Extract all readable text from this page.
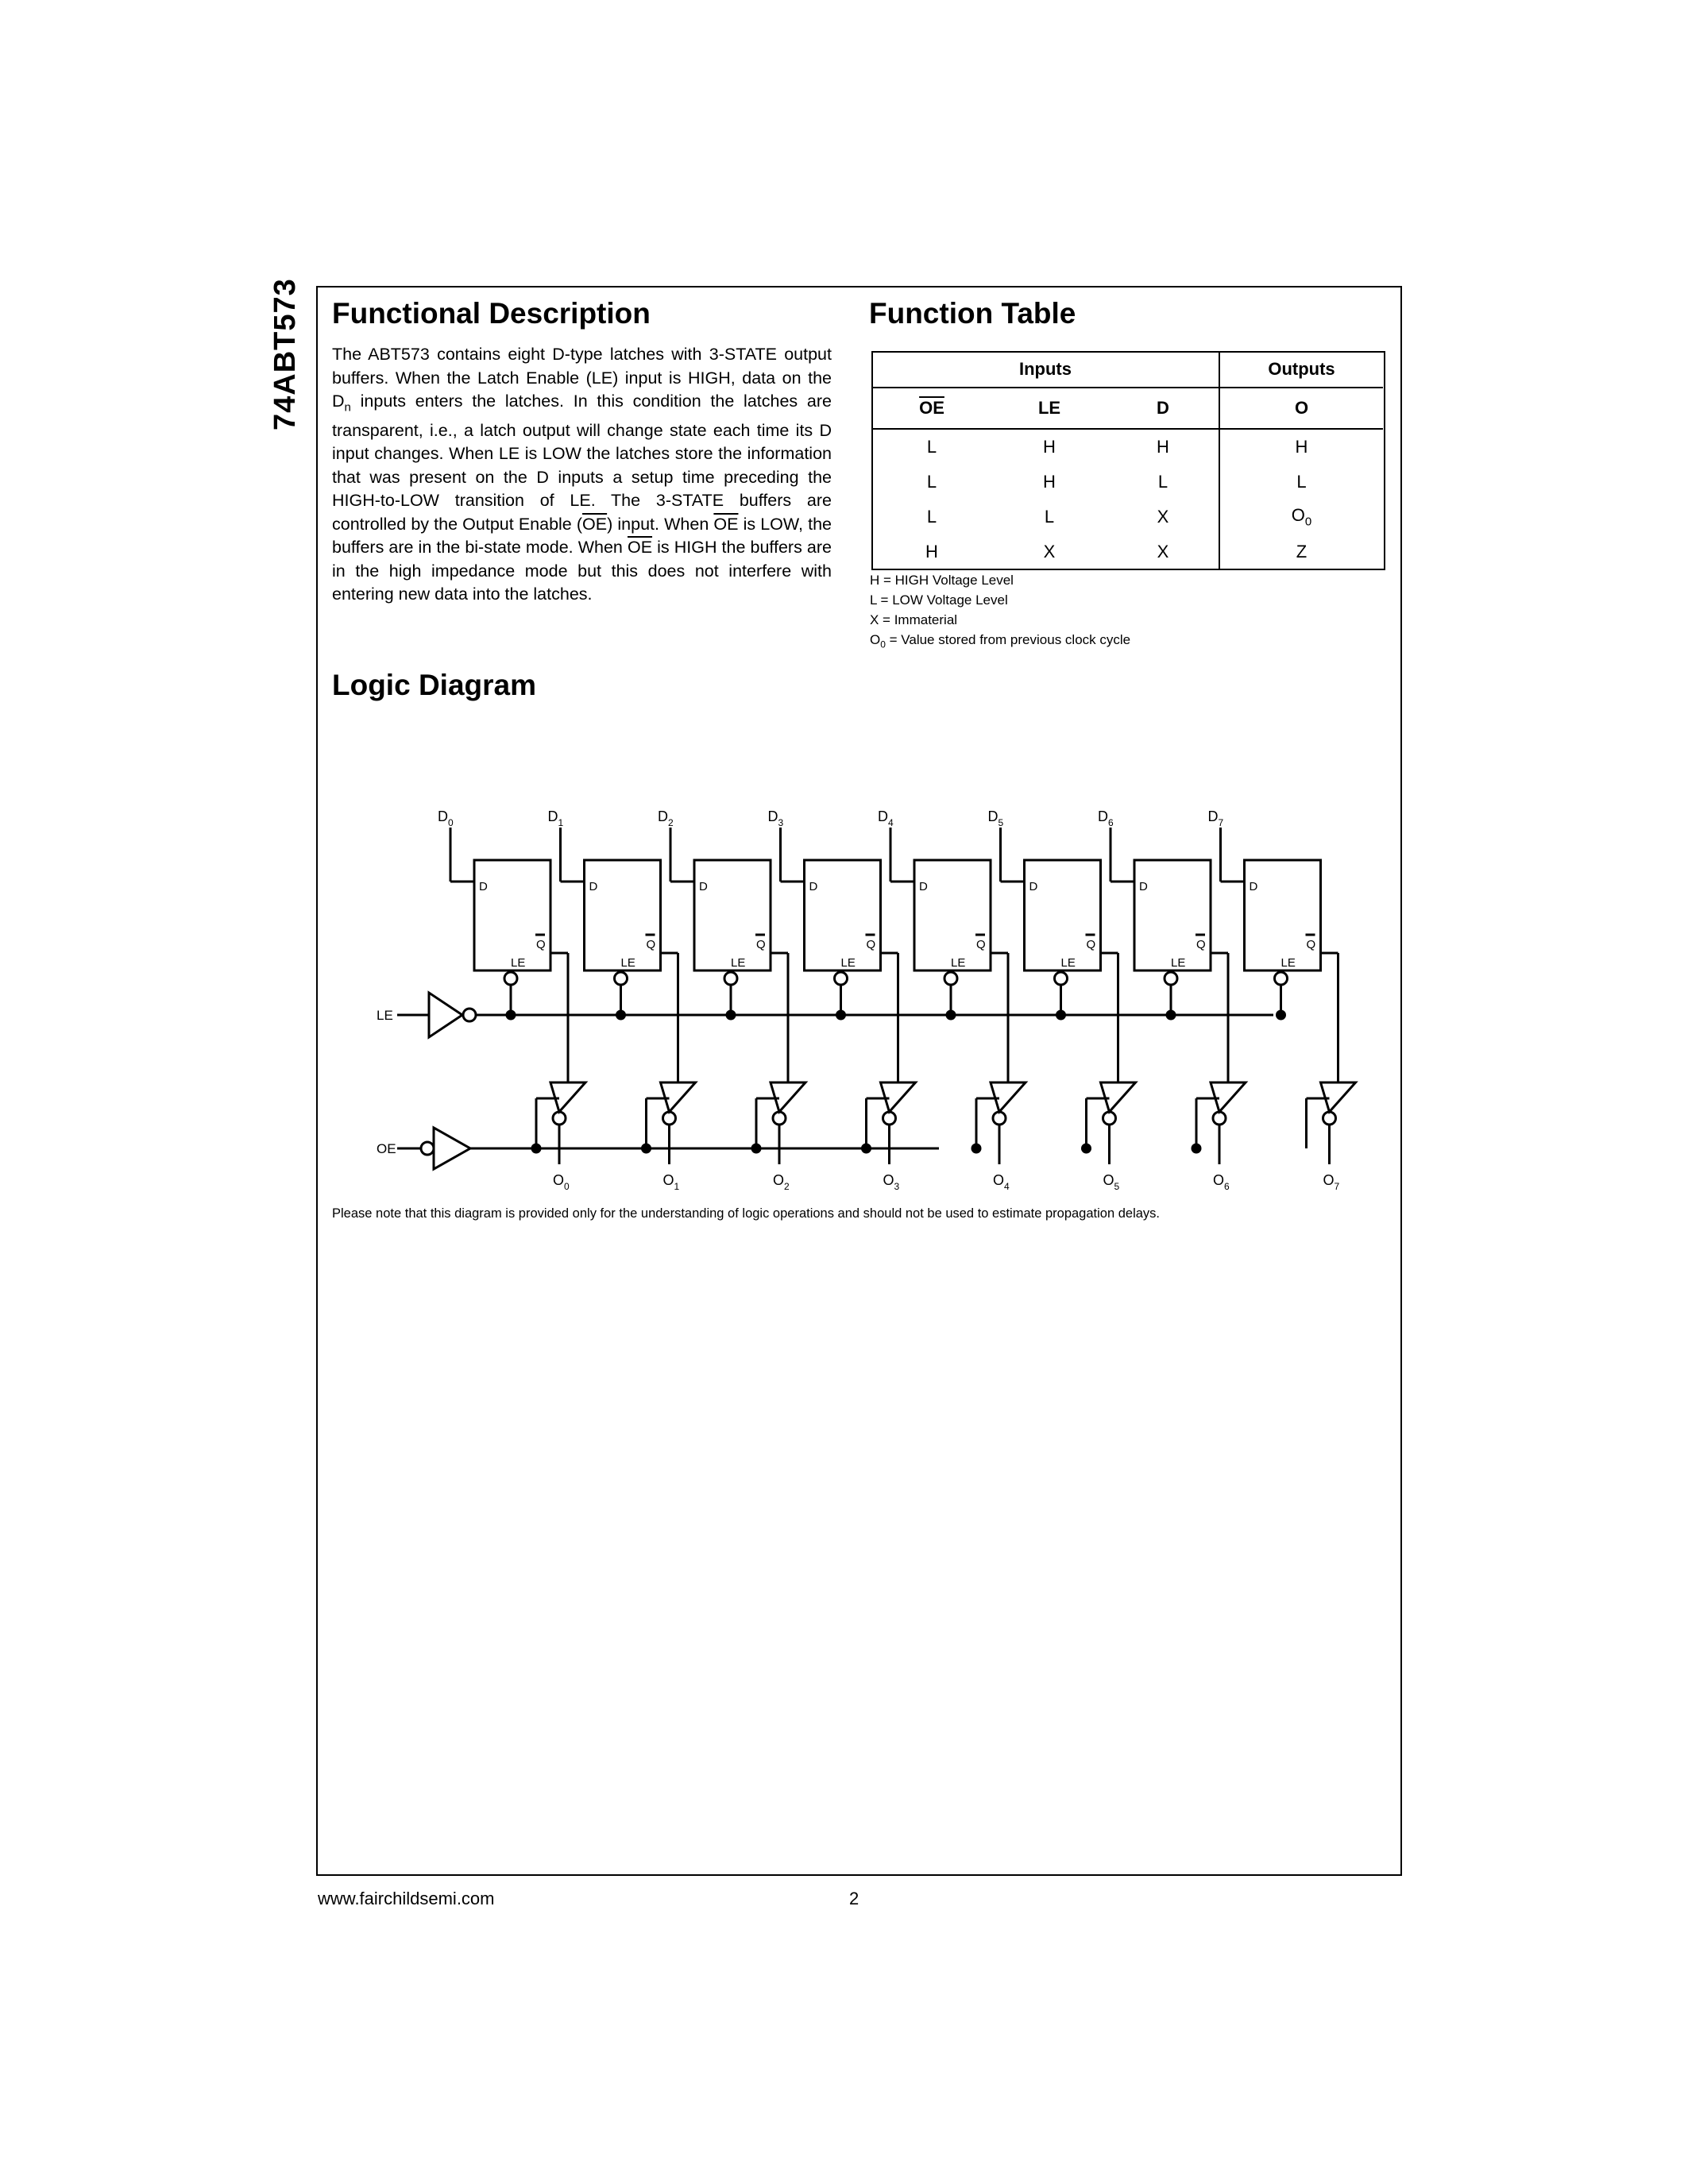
74ABT573 Functional Description

The ABT573 contains eight D-type latches with 3-STATE output buffers. When the Latch Enable (LE) input is HIGH, data on the $D_n$ inputs enters the latches. In this condition the latches are transparent, i.e., a latch output will change state each time its D input changes. When LE is LOW the latches store the information that was present on the D inputs a setup time preceding the HIGH-to-LOW transition of LE. The 3-STATE buffers are controlled by the Output Enable $(\overline{OE})$ input. When $\overline{OE}$ is LOW, the buffers are in the bi-state mode. When $\overline{OE}$ is HIGH the buffers are in the high impedance mode but this does not interfere with entering new data into the latches.

Function Table
Inputs			Outputs
$\overline{OE}$	LE	D	O
L	H	H	H
L	H	L	L
L	L	X	$O_0$
H	X	X	Z
H = HIGH Voltage Level
L = LOW Voltage Level
X = Immaterial
$O_0$ = Value stored from previous clock cycle
Logic Diagram
LE
OE
$D_0$
D
LE
Q
$O_0$
$D_1$
D
LE
Q
$O_1$
$D_2$
D
LE
Q
$O_2$
$D_3$
D
LE
Q
$O_3$
$D_4$
D
LE
Q
$O_4$
$D_5$
D
LE
Q
$O_5$
$D_6$
D
LE
Q
$O_6$
$D_7$
D
LE
Q
$O_7$
Please note that this diagram is provided only for the understanding of logic operations and should not be used to estimate propagation delays.
www.fairchildsemi.com	2
